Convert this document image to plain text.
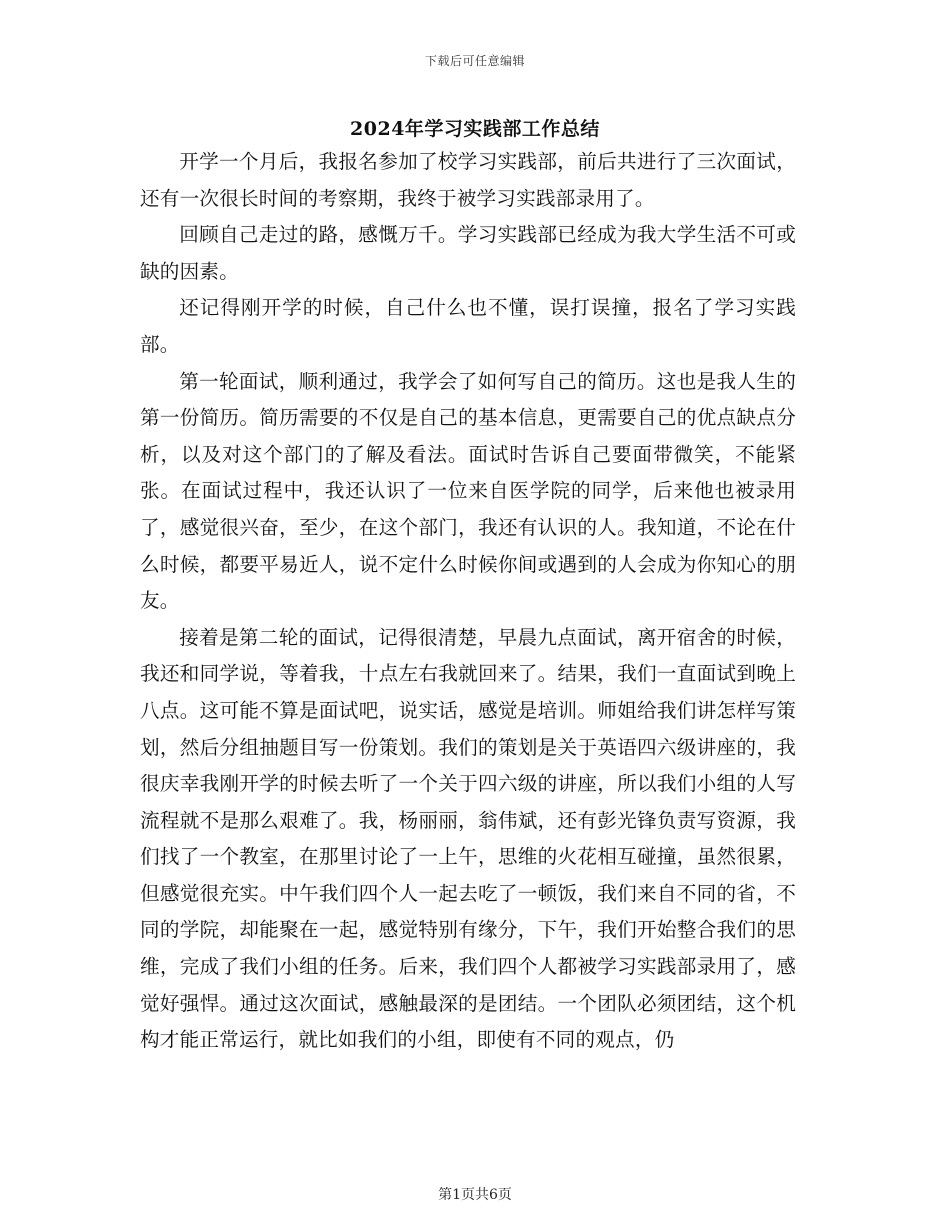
下载后可任意编辑
2024年学习实践部工作总结

开学一个月后，我报名参加了校学习实践部，前后共进行了三次面试，还有一次很长时间的考察期，我终于被学习实践部录用了。

回顾自己走过的路，感慨万千。学习实践部已经成为我大学生活不可或缺的因素。

还记得刚开学的时候，自己什么也不懂，误打误撞，报名了学习实践部。

第一轮面试，顺利通过，我学会了如何写自己的简历。这也是我人生的第一份简历。简历需要的不仅是自己的基本信息，更需要自己的优点缺点分析，以及对这个部门的了解及看法。面试时告诉自己要面带微笑，不能紧张。在面试过程中，我还认识了一位来自医学院的同学，后来他也被录用了，感觉很兴奋，至少，在这个部门，我还有认识的人。我知道，不论在什么时候，都要平易近人，说不定什么时候你间或遇到的人会成为你知心的朋友。

接着是第二轮的面试，记得很清楚，早晨九点面试，离开宿舍的时候，我还和同学说，等着我，十点左右我就回来了。结果，我们一直面试到晚上八点。这可能不算是面试吧，说实话，感觉是培训。师姐给我们讲怎样写策划，然后分组抽题目写一份策划。我们的策划是关于英语四六级讲座的，我很庆幸我刚开学的时候去听了一个关于四六级的讲座，所以我们小组的人写流程就不是那么艰难了。我，杨丽丽，翁伟斌，还有彭光锋负责写资源，我们找了一个教室，在那里讨论了一上午，思维的火花相互碰撞，虽然很累，但感觉很充实。中午我们四个人一起去吃了一顿饭，我们来自不同的省，不同的学院，却能聚在一起，感觉特别有缘分，下午，我们开始整合我们的思维，完成了我们小组的任务。后来，我们四个人都被学习实践部录用了，感觉好强悍。通过这次面试，感触最深的是团结。一个团队必须团结，这个机构才能正常运行，就比如我们的小组，即使有不同的观点，仍

第1页共6页
